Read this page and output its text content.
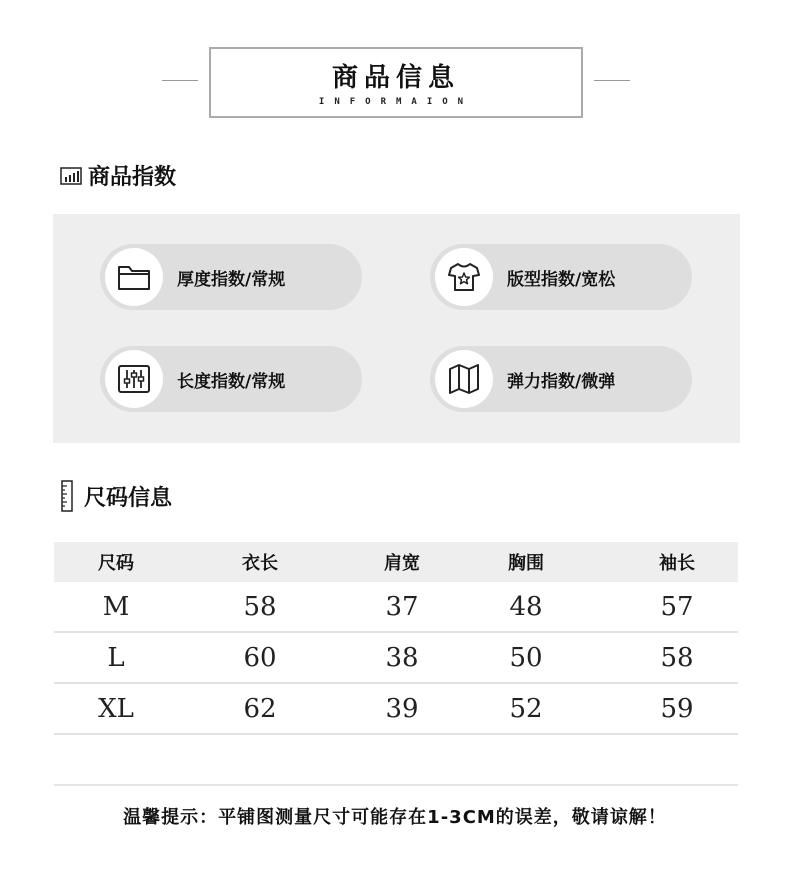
商品信息
INFORMAION
商品指数
厚度指数/常规	版型指数/宽松
长度指数/常规	弹力指数/微弹
尺码信息
尺码	衣长	肩宽	胸围	袖长
M	58	37	48	57
L	60	38	50	58
XL	62	39	52	59
温馨提示：平铺图测量尺寸可能存在1-3CM的误差，敬请谅解！
